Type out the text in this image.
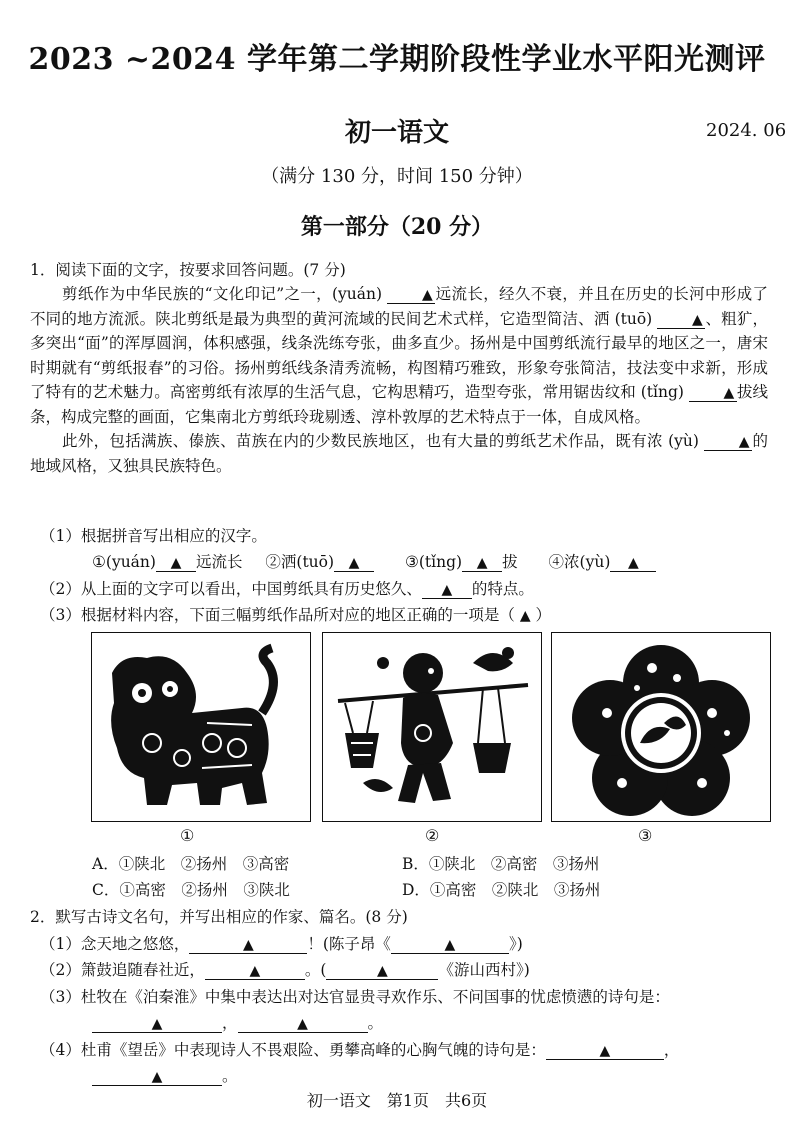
2023 ~2024 学年第二学期阶段性学业水平阳光测评
初一语文	2024. 06
（满分 130 分，时间 150 分钟）
第一部分（20 分）
1．阅读下面的文字，按要求回答问题。(7 分)

剪纸作为中华民族的“文化印记”之一，(yuán)	▲ 远流长，经久不衰，并且在历史的长河中形成了不同的地方流派。陕北剪纸是最为典型的黄河流域的民间艺术式样，它造型简洁、洒 (tuō)	▲ 、粗犷，多突出“面”的浑厚圆润，体积感强，线条洗练夸张，曲多直少。扬州是中国剪纸流行最早的地区之一，唐宋时期就有“剪纸报春”的习俗。扬州剪纸线条清秀流畅，构图精巧雅致，形象夸张简洁，技法变中求新，形成了特有的艺术魅力。高密剪纸有浓厚的生活气息，它构思精巧，造型夸张，常用锯齿纹和 (tǐng)	▲ 拔线条，构成完整的画面，它集南北方剪纸玲珑剔透、淳朴敦厚的艺术特点于一体，自成风格。

此外，包括满族、傣族、苗族在内的少数民族地区，也有大量的剪纸艺术作品，既有浓 (yù)	▲ 的地域风格，又独具民族特色。

（1）根据拼音写出相应的汉字。
①(yuán) ▲ 远流长 ②洒(tuō) ▲	③(tǐng) ▲ 拔 ④浓(yù) ▲
（2）从上面的文字可以看出，中国剪纸具有历史悠久、 ▲ 的特点。
（3）根据材料内容，下面三幅剪纸作品所对应的地区正确的一项是（ ▲ ）
①	②	③
A．①陕北　②扬州　③高密	B．①陕北　②高密　③扬州
C．①高密　②扬州　③陕北	D．①高密　②陕北　③扬州
2．默写古诗文名句，并写出相应的作家、篇名。(8 分)
（1）念天地之悠悠，	▲	！(陈子昂《	▲	》)
（2）箫鼓追随春社近，	▲	。(	▲	《游山西村》)
（3）杜牧在《泊秦淮》中集中表达出对达官显贵寻欢作乐、不问国事的忧虑愤懑的诗句是：
▲	，	▲	。
（4）杜甫《望岳》中表现诗人不畏艰险、勇攀高峰的心胸气魄的诗句是：	▲	，
▲	。
初一语文　第1页　共6页
